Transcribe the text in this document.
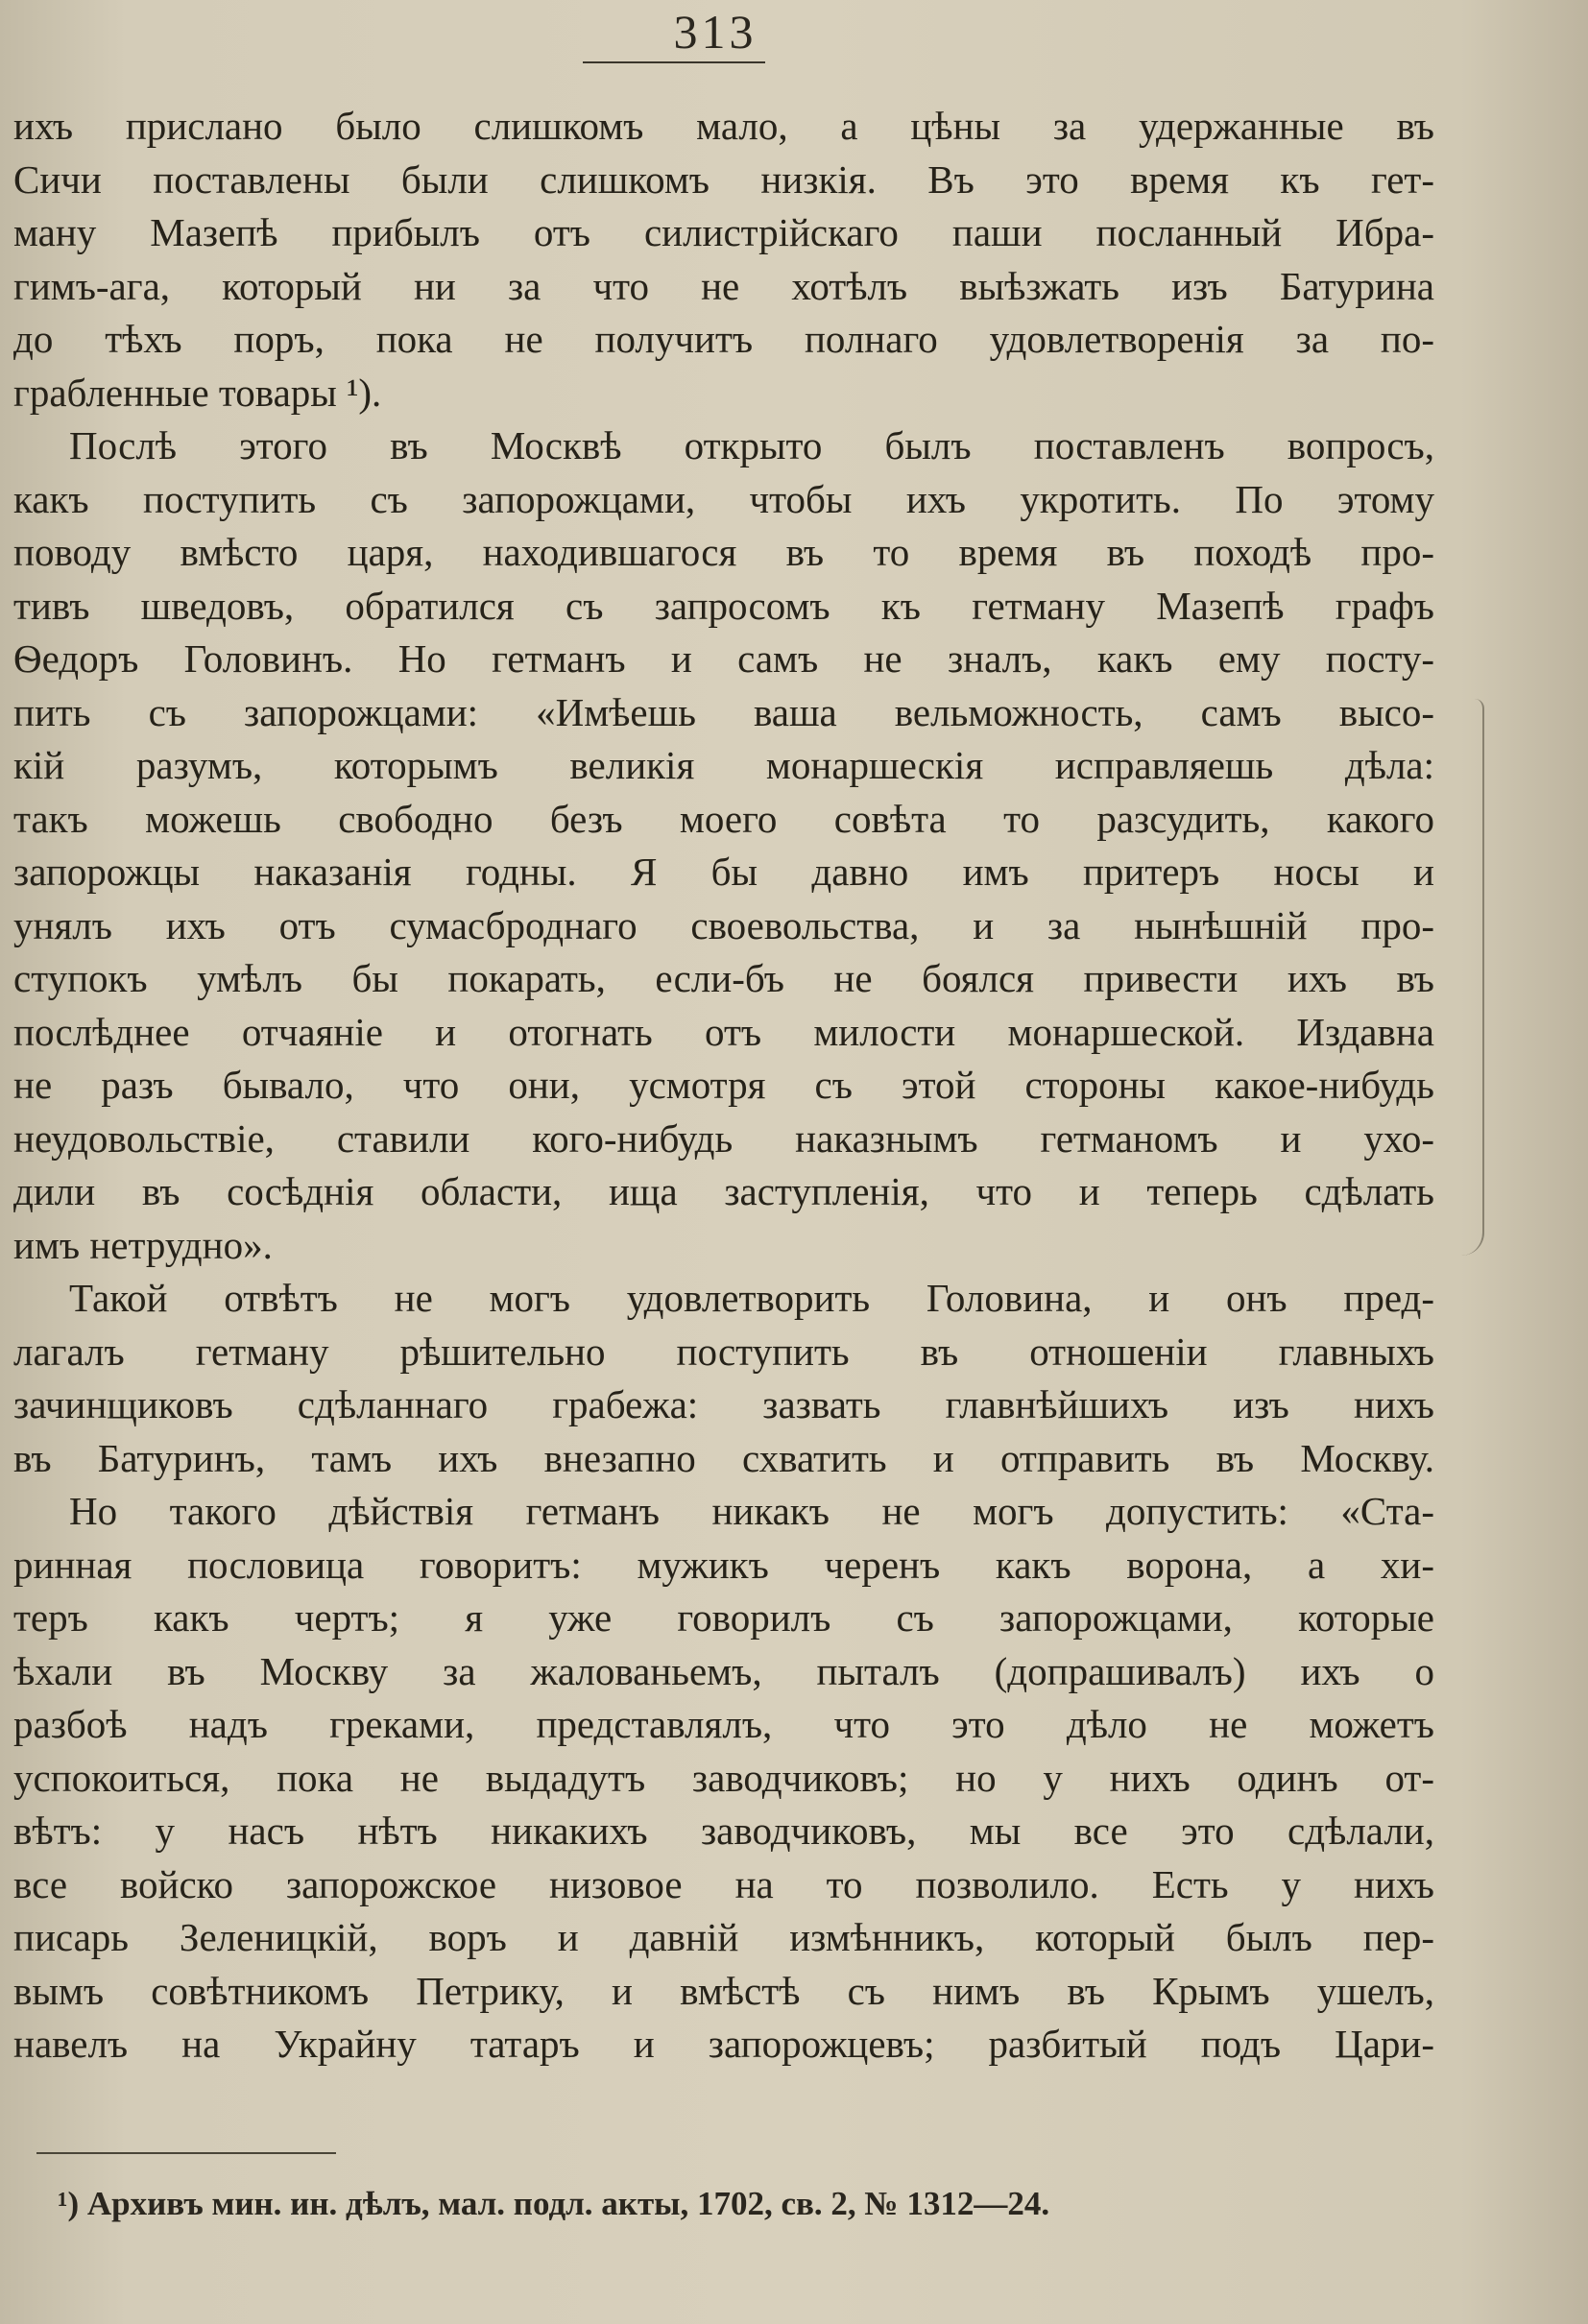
313
ихъ прислано было слишкомъ мало, а цѣны за удержанные въ
Сичи поставлены были слишкомъ низкія. Въ это время къ гет-
ману Мазепѣ прибылъ отъ силистрійскаго паши посланный Ибра-
гимъ-ага, который ни за что не хотѣлъ выѣзжать изъ Батурина
до тѣхъ поръ, пока не получитъ полнаго удовлетворенія за по-
грабленные товары ¹).
Послѣ этого въ Москвѣ открыто былъ поставленъ вопросъ,
какъ поступить съ запорожцами, чтобы ихъ укротить. По этому
поводу вмѣсто царя, находившагося въ то время въ походѣ про-
тивъ шведовъ, обратился съ запросомъ къ гетману Мазепѣ графъ
Ѳедоръ Головинъ. Но гетманъ и самъ не зналъ, какъ ему посту-
пить съ запорожцами: «Имѣешь ваша вельможность, самъ высо-
кій разумъ, которымъ великія монаршескія исправляешь дѣла:
такъ можешь свободно безъ моего совѣта то разсудить, какого
запорожцы наказанія годны. Я бы давно имъ притеръ носы и
унялъ ихъ отъ сумасброднаго своевольства, и за нынѣшній про-
ступокъ умѣлъ бы покарать, если-бъ не боялся привести ихъ въ
послѣднее отчаяніе и отогнать отъ милости монаршеской. Издавна
не разъ бывало, что они, усмотря съ этой стороны какое-нибудь
неудовольствіе, ставили кого-нибудь наказнымъ гетманомъ и ухо-
дили въ сосѣднія области, ища заступленія, что и теперь сдѣлать
имъ нетрудно».
Такой отвѣтъ не могъ удовлетворить Головина, и онъ пред-
лагалъ гетману рѣшительно поступить въ отношеніи главныхъ
зачинщиковъ сдѣланнаго грабежа: зазвать главнѣйшихъ изъ нихъ
въ Батуринъ, тамъ ихъ внезапно схватить и отправить въ Москву.
Но такого дѣйствія гетманъ никакъ не могъ допустить: «Ста-
ринная пословица говоритъ: мужикъ черенъ какъ ворона, а хи-
теръ какъ чертъ; я уже говорилъ съ запорожцами, которые
ѣхали въ Москву за жалованьемъ, пыталъ (допрашивалъ) ихъ о
разбоѣ надъ греками, представлялъ, что это дѣло не можетъ
успокоиться, пока не выдадутъ заводчиковъ; но у нихъ одинъ от-
вѣтъ: у насъ нѣтъ никакихъ заводчиковъ, мы все это сдѣлали,
все войско запорожское низовое на то позволило. Есть у нихъ
писарь Зеленицкій, воръ и давній измѣнникъ, который былъ пер-
вымъ совѣтникомъ Петрику, и вмѣстѣ съ нимъ въ Крымъ ушелъ,
навелъ на Украйну татаръ и запорожцевъ; разбитый подъ Цари-
¹) Архивъ мин. ин. дѣлъ, мал. подл. акты, 1702, св. 2, № 1312—24.
